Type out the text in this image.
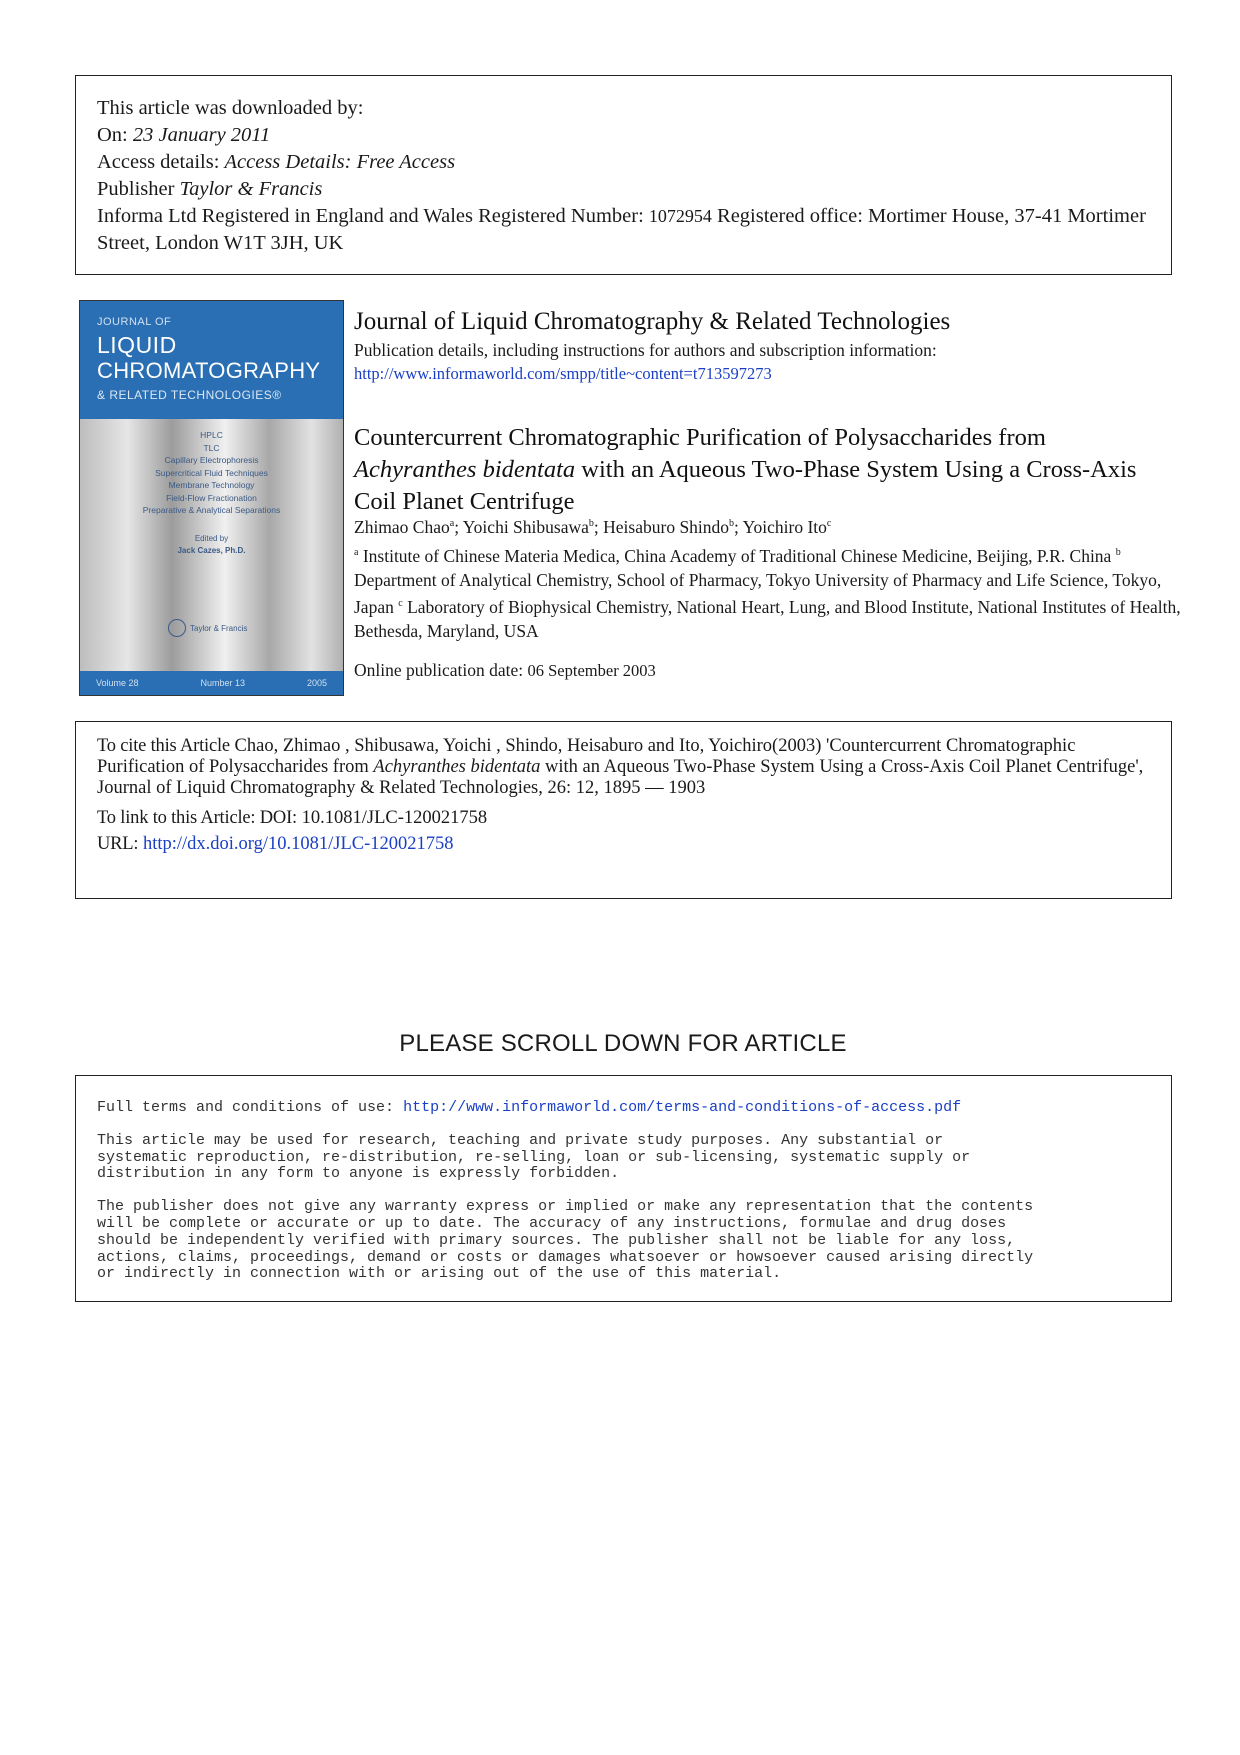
This article was downloaded by:
On: 23 January 2011
Access details: Access Details: Free Access
Publisher Taylor & Francis
Informa Ltd Registered in England and Wales Registered Number: 1072954 Registered office: Mortimer House, 37-41 Mortimer Street, London W1T 3JH, UK
JOURNAL OF
LIQUID
CHROMATOGRAPHY
& RELATED TECHNOLOGIES®
HPLC
TLC
Capillary Electrophoresis
Supercritical Fluid Techniques
Membrane Technology
Field-Flow Fractionation
Preparative & Analytical Separations
Edited by
Jack Cazes, Ph.D.
Taylor & Francis
Volume 28	Number 13	2005
Journal of Liquid Chromatography & Related Technologies
Publication details, including instructions for authors and subscription information:
http://www.informaworld.com/smpp/title~content=t713597273
Countercurrent Chromatographic Purification of Polysaccharides from Achyranthes bidentata with an Aqueous Two-Phase System Using a Cross-Axis Coil Planet Centrifuge
Zhimao Chao$^a$; Yoichi Shibusawa$^b$; Heisaburo Shindo$^b$; Yoichiro Ito$^c$
$^a$ Institute of Chinese Materia Medica, China Academy of Traditional Chinese Medicine, Beijing, P.R. China $^b$ Department of Analytical Chemistry, School of Pharmacy, Tokyo University of Pharmacy and Life Science, Tokyo, Japan $^c$ Laboratory of Biophysical Chemistry, National Heart, Lung, and Blood Institute, National Institutes of Health, Bethesda, Maryland, USA
Online publication date: 06 September 2003
To cite this Article Chao, Zhimao , Shibusawa, Yoichi , Shindo, Heisaburo and Ito, Yoichiro(2003) 'Countercurrent Chromatographic Purification of Polysaccharides from Achyranthes bidentata with an Aqueous Two-Phase System Using a Cross-Axis Coil Planet Centrifuge', Journal of Liquid Chromatography & Related Technologies, 26: 12, 1895 — 1903
To link to this Article: DOI: 10.1081/JLC-120021758
URL: http://dx.doi.org/10.1081/JLC-120021758
PLEASE SCROLL DOWN FOR ARTICLE
Full terms and conditions of use: http://www.informaworld.com/terms-and-conditions-of-access.pdf
This article may be used for research, teaching and private study purposes. Any substantial or
systematic reproduction, re-distribution, re-selling, loan or sub-licensing, systematic supply or
distribution in any form to anyone is expressly forbidden.
The publisher does not give any warranty express or implied or make any representation that the contents
will be complete or accurate or up to date. The accuracy of any instructions, formulae and drug doses
should be independently verified with primary sources. The publisher shall not be liable for any loss,
actions, claims, proceedings, demand or costs or damages whatsoever or howsoever caused arising directly
or indirectly in connection with or arising out of the use of this material.
